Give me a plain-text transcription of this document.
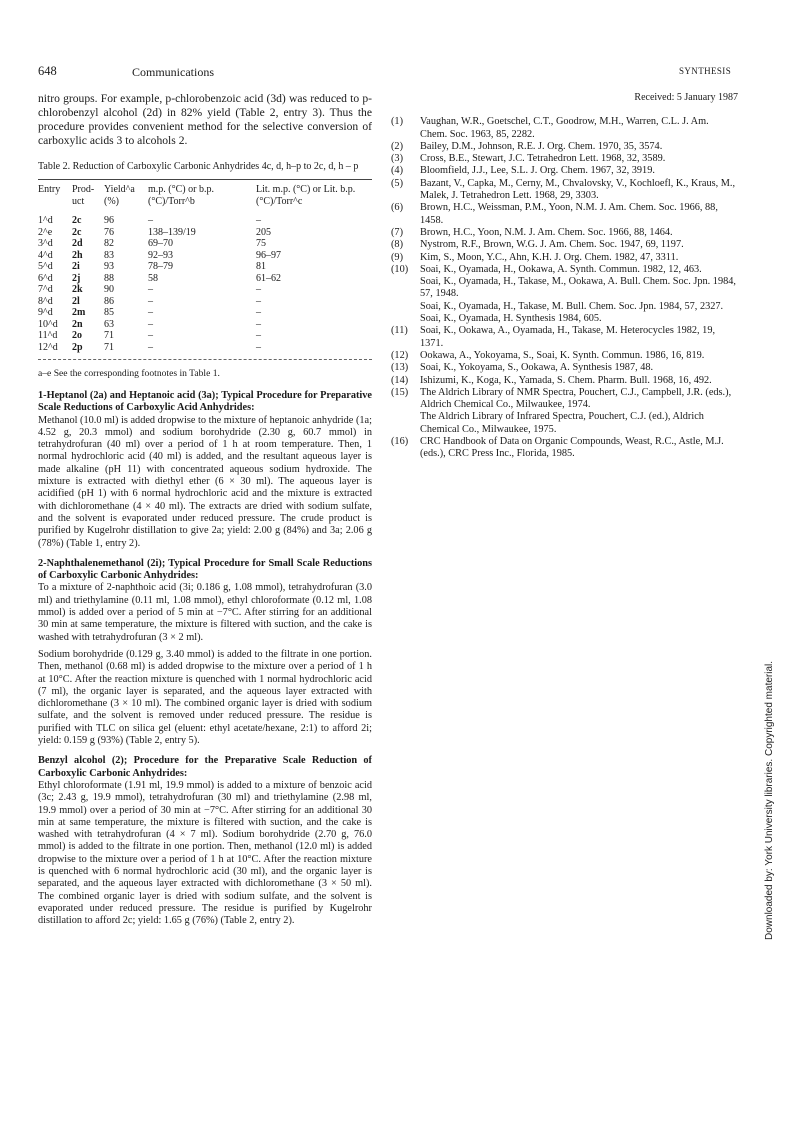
648	Communications	SYNTHESIS

nitro groups. For example, p-chlorobenzoic acid (3d) was reduced to p-chlorobenzyl alcohol (2d) in 82% yield (Table 2, entry 3). Thus the procedure provides convenient method for the selective conversion of carboxylic acids 3 to alcohols 2.

Table 2. Reduction of Carboxylic Carbonic Anhydrides 4c, d, h–p to 2c, d, h – p
Entry	Prod-uct	Yield^a (%)	m.p. (°C) or b.p. (°C)/Torr^b	Lit. m.p. (°C) or Lit. b.p. (°C)/Torr^c
1^d	2c	96	–	–
2^e	2c	76	138–139/19	205
3^d	2d	82	69–70	75
4^d	2h	83	92–93	96–97
5^d	2i	93	78–79	81
6^d	2j	88	58	61–62
7^d	2k	90	–	–
8^d	2l	86	–	–
9^d	2m	85	–	–
10^d	2n	63	–	–
11^d	2o	71	–	–
12^d	2p	71	–	–
a–e See the corresponding footnotes in Table 1.

1-Heptanol (2a) and Heptanoic acid (3a); Typical Procedure for Preparative Scale Reductions of Carboxylic Acid Anhydrides:

Methanol (10.0 ml) is added dropwise to the mixture of heptanoic anhydride (1a; 4.52 g, 20.3 mmol) and sodium borohydride (2.30 g, 60.7 mmol) in tetrahydrofuran (40 ml) over a period of 1 h at room temperature. Then, 1 normal hydrochloric acid (40 ml) is added, and the resultant aqueous layer is made alkaline (pH 11) with concentrated aqueous sodium hydroxide. The mixture is extracted with diethyl ether (6 × 30 ml). The aqueous layer is acidified (pH 1) with 6 normal hydrochloric acid and the mixture is extracted with dichloromethane (4 × 40 ml). The extracts are dried with sodium sulfate, and the solvent is evaporated under reduced pressure. The crude product is purified by Kugelrohr distillation to give 2a; yield: 2.00 g (84%) and 3a; 2.06 g (78%) (Table 1, entry 2).

2-Naphthalenemethanol (2i); Typical Procedure for Small Scale Reductions of Carboxylic Carbonic Anhydrides:

To a mixture of 2-naphthoic acid (3i; 0.186 g, 1.08 mmol), tetrahydrofuran (3.0 ml) and triethylamine (0.11 ml, 1.08 mmol), ethyl chloroformate (0.12 ml, 1.08 mmol) is added over a period of 5 min at −7°C. After stirring for an additional 30 min at same temperature, the mixture is filtered with suction, and the cake is washed with tetrahydrofuran (3 × 2 ml).

Sodium borohydride (0.129 g, 3.40 mmol) is added to the filtrate in one portion. Then, methanol (0.68 ml) is added dropwise to the mixture over a period of 1 h at 10°C. After the reaction mixture is quenched with 1 normal hydrochloric acid (7 ml), the organic layer is separated, and the aqueous layer extracted with dichloromethane (3 × 10 ml). The combined organic layer is dried with sodium sulfate, and the solvent is removed under reduced pressure. The residue is purified with TLC on silica gel (eluent: ethyl acetate/hexane, 2:1) to afford 2i; yield: 0.159 g (93%) (Table 2, entry 5).

Benzyl alcohol (2); Procedure for the Preparative Scale Reduction of Carboxylic Carbonic Anhydrides:

Ethyl chloroformate (1.91 ml, 19.9 mmol) is added to a mixture of benzoic acid (3c; 2.43 g, 19.9 mmol), tetrahydrofuran (30 ml) and triethylamine (2.98 ml, 19.9 mmol) over a period of 30 min at −7°C. After stirring for an additional 30 min at same temperature, the mixture is filtered with suction, and the cake is washed with tetrahydrofuran (4 × 7 ml). Sodium borohydride (2.70 g, 76.0 mmol) is added to the filtrate in one portion. Then, methanol (12.0 ml) is added dropwise to the mixture over a period of 1 h at 10°C. After the reaction mixture is quenched with 6 normal hydrochloric acid (30 ml), and the organic layer is separated, and the aqueous layer extracted with dichloromethane (3 × 50 ml). The combined organic layer is dried with sodium sulfate, and the solvent is evaporated under reduced pressure. The residue is purified by Kugelrohr distillation to afford 2c; yield: 1.65 g (76%) (Table 2, entry 2).

Received: 5 January 1987
(1) Vaughan, W.R., Goetschel, C.T., Goodrow, M.H., Warren, C.L. J. Am. Chem. Soc. 1963, 85, 2282.
(2) Bailey, D.M., Johnson, R.E. J. Org. Chem. 1970, 35, 3574.
(3) Cross, B.E., Stewart, J.C. Tetrahedron Lett. 1968, 32, 3589.
(4) Bloomfield, J.J., Lee, S.L. J. Org. Chem. 1967, 32, 3919.
(5) Bazant, V., Capka, M., Cerny, M., Chvalovsky, V., Kochloefl, K., Kraus, M., Malek, J. Tetrahedron Lett. 1968, 29, 3303.
(6) Brown, H.C., Weissman, P.M., Yoon, N.M. J. Am. Chem. Soc. 1966, 88, 1458.
(7) Brown, H.C., Yoon, N.M. J. Am. Chem. Soc. 1966, 88, 1464.
(8) Nystrom, R.F., Brown, W.G. J. Am. Chem. Soc. 1947, 69, 1197.
(9) Kim, S., Moon, Y.C., Ahn, K.H. J. Org. Chem. 1982, 47, 3311.
(10) Soai, K., Oyamada, H., Ookawa, A. Synth. Commun. 1982, 12, 463.
Soai, K., Oyamada, H., Takase, M., Ookawa, A. Bull. Chem. Soc. Jpn. 1984, 57, 1948.
Soai, K., Oyamada, H., Takase, M. Bull. Chem. Soc. Jpn. 1984, 57, 2327.
Soai, K., Oyamada, H. Synthesis 1984, 605.
(11) Soai, K., Ookawa, A., Oyamada, H., Takase, M. Heterocycles 1982, 19, 1371.
(12) Ookawa, A., Yokoyama, S., Soai, K. Synth. Commun. 1986, 16, 819.
(13) Soai, K., Yokoyama, S., Ookawa, A. Synthesis 1987, 48.
(14) Ishizumi, K., Koga, K., Yamada, S. Chem. Pharm. Bull. 1968, 16, 492.
(15) The Aldrich Library of NMR Spectra, Pouchert, C.J., Campbell, J.R. (eds.), Aldrich Chemical Co., Milwaukee, 1974.
The Aldrich Library of Infrared Spectra, Pouchert, C.J. (ed.), Aldrich Chemical Co., Milwaukee, 1975.
(16) CRC Handbook of Data on Organic Compounds, Weast, R.C., Astle, M.J. (eds.), CRC Press Inc., Florida, 1985.
Downloaded by: York University libraries. Copyrighted material.
